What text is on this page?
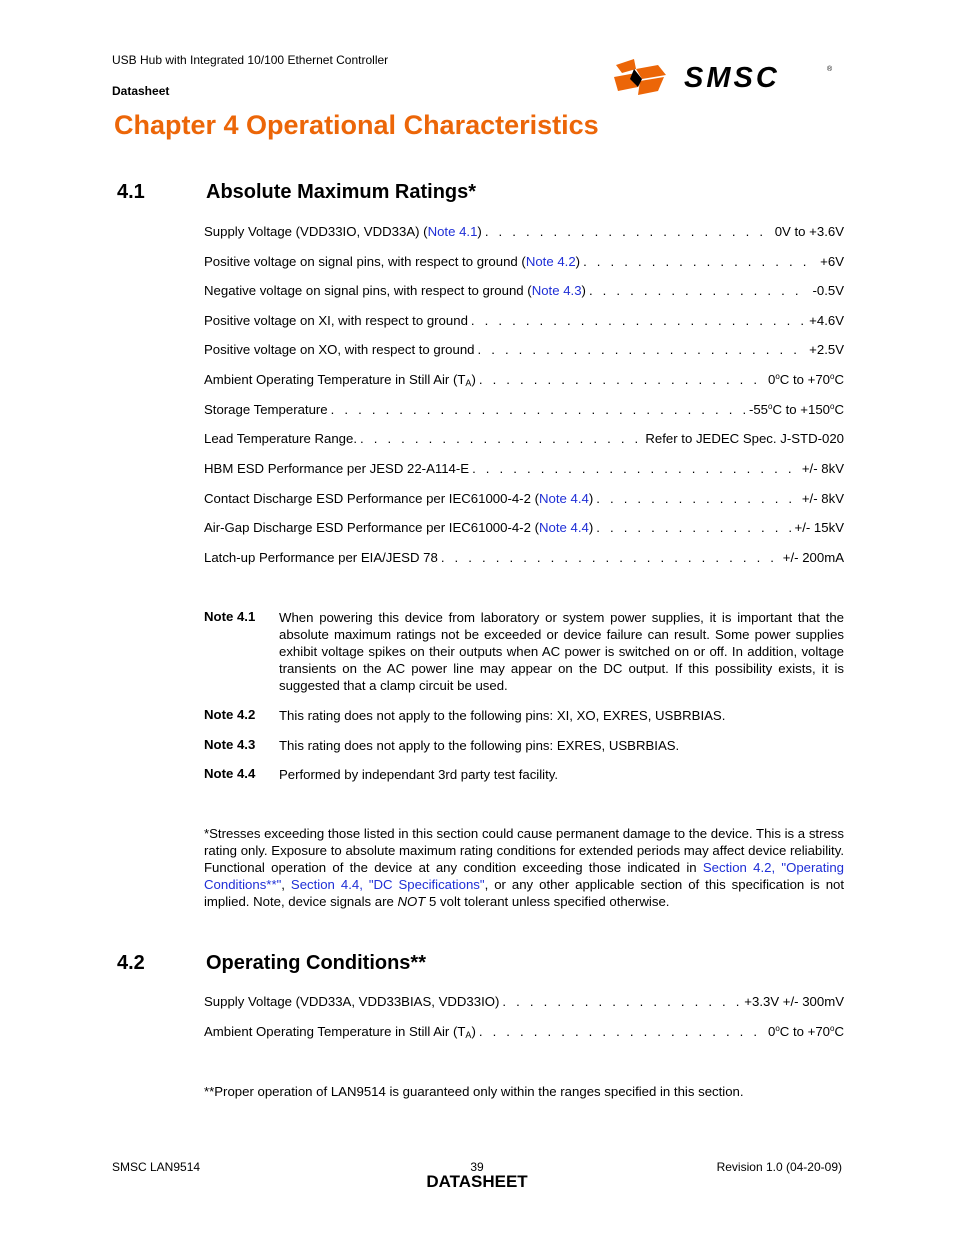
USB Hub with Integrated 10/100 Ethernet Controller
Datasheet	SMSC	®
Chapter 4 Operational Characteristics
4.1	Absolute Maximum Ratings*
Supply Voltage (VDD33IO, VDD33A) (Note 4.1) . . .	0V to +3.6V
Positive voltage on signal pins, with respect to ground (Note 4.2) . . .	+6V
Negative voltage on signal pins, with respect to ground (Note 4.3) . . .	-0.5V
Positive voltage on XI, with respect to ground . . .	+4.6V
Positive voltage on XO, with respect to ground . . .	+2.5V
Ambient Operating Temperature in Still Air $(T_A)$ . . .	0$^o$C to $+70^oC$
Storage Temperature . . .	-55$^o$C to $+150^oC$
Lead Temperature Range. . . .	Refer to JEDEC Spec. J-STD-020
HBM ESD Performance per JESD 22-A114-E . . .	+/- 8kV
Contact Discharge ESD Performance per IEC61000-4-2 (Note 4.4) . . .	+/- 8kV
Air-Gap Discharge ESD Performance per IEC61000-4-2 (Note 4.4) . . .	+/- 15kV
Latch-up Performance per EIA/JESD 78 . . .	+/- 200mA
Note 4.1	When powering this device from laboratory or system power supplies, it is important that the absolute maximum ratings not be exceeded or device failure can result. Some power supplies exhibit voltage spikes on their outputs when AC power is switched on or off. In addition, voltage transients on the AC power line may appear on the DC output. If this possibility exists, it is suggested that a clamp circuit be used.
Note 4.2	This rating does not apply to the following pins: XI, XO, EXRES, USBRBIAS.
Note 4.3	This rating does not apply to the following pins: EXRES, USBRBIAS.
Note 4.4	Performed by independant 3rd party test facility.
*Stresses exceeding those listed in this section could cause permanent damage to the device. This is a stress rating only. Exposure to absolute maximum rating conditions for extended periods may affect device reliability. Functional operation of the device at any condition exceeding those indicated in Section 4.2, "Operating Conditions**", Section 4.4, "DC Specifications", or any other applicable section of this specification is not implied. Note, device signals are NOT 5 volt tolerant unless specified otherwise.
4.2	Operating Conditions**
Supply Voltage (VDD33A, VDD33BIAS, VDD33IO) . . .	+3.3V +/- 300mV
Ambient Operating Temperature in Still Air $(T_A)$ . . .	0$^o$C to $+70^oC$
**Proper operation of LAN9514 is guaranteed only within the ranges specified in this section.
SMSC LAN9514	39
DATASHEET
Revision 1.0 (04-20-09)
